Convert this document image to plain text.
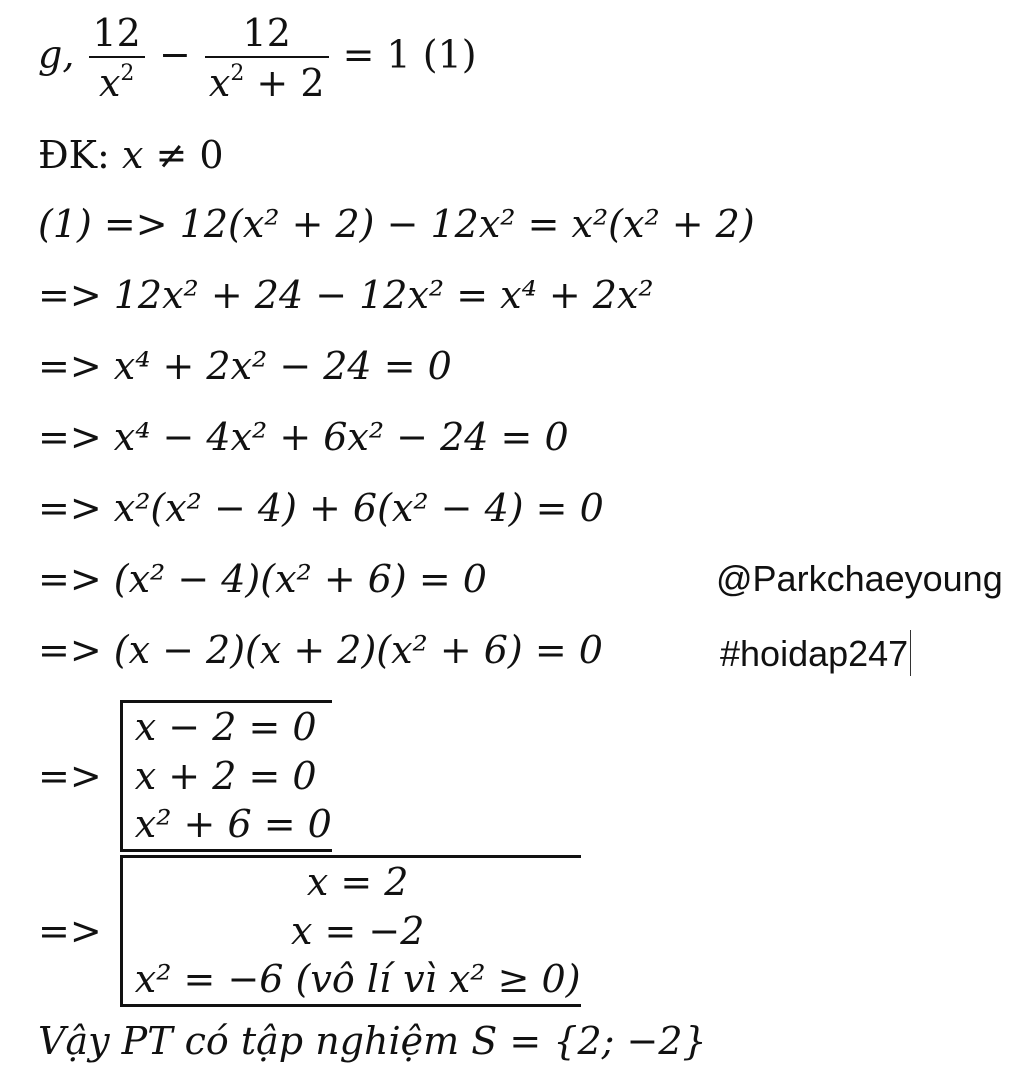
g, $\frac{12}{x^2} - \frac{12}{x^2 + 2} = 1$ (1)
ĐK: x ≠ 0
(1) => 12(x² + 2) − 12x² = x²(x² + 2)
=> 12x² + 24 − 12x² = x⁴ + 2x²
=> x⁴ + 2x² − 24 = 0
=> x⁴ − 4x² + 6x² − 24 = 0
=> x²(x² − 4) + 6(x² − 4) = 0
=> (x² − 4)(x² + 6) = 0
=> (x − 2)(x + 2)(x² + 6) = 0
=>
x − 2 = 0
x + 2 = 0
x² + 6 = 0
=>
x = 2
x = −2
x² = −6 (vô lí vì x² ≥ 0)
Vậy PT có tập nghiệm S = {2; −2}
@Parkchaeyoung
#hoidap247
